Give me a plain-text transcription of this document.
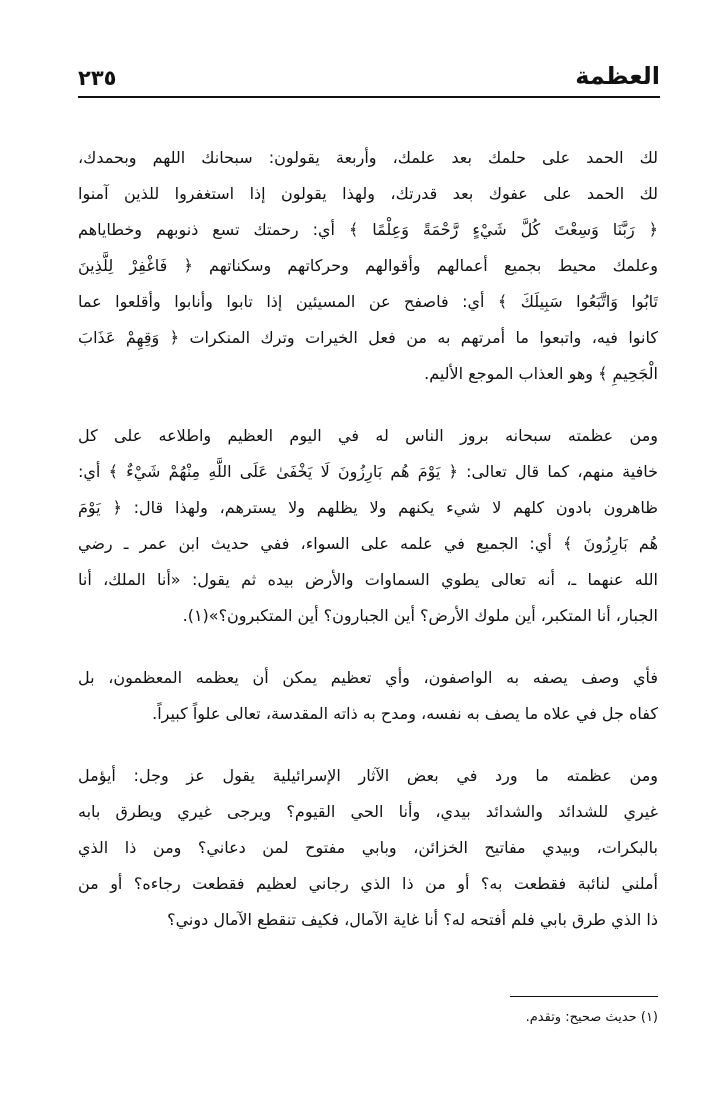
العظمة
٢٣٥
لك الحمد على حلمك بعد علمك، وأربعة يقولون: سبحانك اللهم وبحمدك،
لك الحمد على عفوك بعد قدرتك، ولهذا يقولون إذا استغفروا للذين آمنوا
﴿ رَبَّنَا وَسِعْتَ كُلَّ شَيْءٍ رَّحْمَةً وَعِلْمًا ﴾ أي: رحمتك تسع ذنوبهم وخطاياهم
وعلمك محيط بجميع أعمالهم وأقوالهم وحركاتهم وسكناتهم ﴿ فَاغْفِرْ لِلَّذِينَ
تَابُوا وَاتَّبَعُوا سَبِيلَكَ ﴾ أي: فاصفح عن المسيئين إذا تابوا وأنابوا وأقلعوا عما
كانوا فيه، واتبعوا ما أمرتهم به من فعل الخيرات وترك المنكرات ﴿ وَقِهِمْ عَذَابَ
الْجَحِيمِ ﴾ وهو العذاب الموجع الأليم.
ومن عظمته سبحانه بروز الناس له في اليوم العظيم واطلاعه على كل
خافية منهم، كما قال تعالى: ﴿ يَوْمَ هُم بَارِزُونَ لَا يَخْفَىٰ عَلَى اللَّهِ مِنْهُمْ شَيْءٌ ﴾ أي:
ظاهرون بادون كلهم لا شيء يكنهم ولا يظلهم ولا يسترهم، ولهذا قال: ﴿ يَوْمَ
هُم بَارِزُونَ ﴾ أي: الجميع في علمه على السواء، ففي حديث ابن عمر ـ رضي
الله عنهما ـ، أنه تعالى يطوي السماوات والأرض بيده ثم يقول: «أنا الملك، أنا
الجبار، أنا المتكبر، أين ملوك الأرض؟ أين الجبارون؟ أين المتكبرون؟»(١).
فأي وصف يصفه به الواصفون، وأي تعظيم يمكن أن يعظمه المعظمون، بل
كفاه جل في علاه ما يصف به نفسه، ومدح به ذاته المقدسة، تعالى علواً كبيراً.
ومن عظمته ما ورد في بعض الآثار الإسرائيلية يقول عز وجل: أيؤمل
غيري للشدائد والشدائد بيدي، وأنا الحي القيوم؟ ويرجى غيري ويطرق بابه
بالبكرات، وبيدي مفاتيح الخزائن، وبابي مفتوح لمن دعاني؟ ومن ذا الذي
أملني لنائبة فقطعت به؟ أو من ذا الذي رجاني لعظيم فقطعت رجاءه؟ أو من
ذا الذي طرق بابي فلم أفتحه له؟ أنا غاية الآمال، فكيف تنقطع الآمال دوني؟
(١) حديث صحيح: وتقدم.
